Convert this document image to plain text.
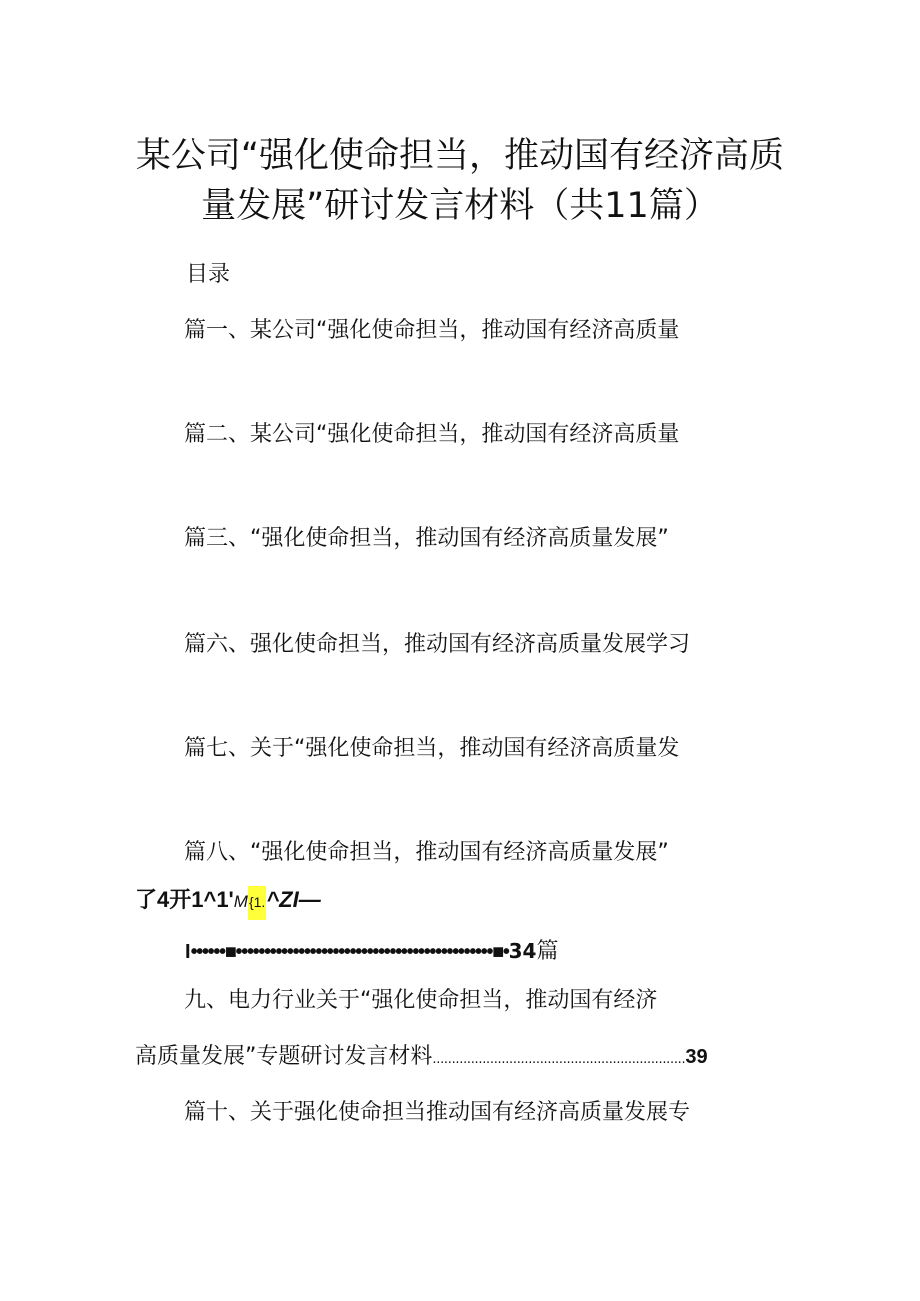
某公司“强化使命担当，推动国有经济高质
量发展”研讨发言材料（共11篇）
目录
篇一、某公司“强化使命担当，推动国有经济高质量
篇二、某公司“强化使命担当，推动国有经济高质量
篇三、“强化使命担当，推动国有经济高质量发展”
篇六、强化使命担当，推动国有经济高质量发展学习
篇七、关于“强化使命担当，推动国有经济高质量发
篇八、“强化使命担当，推动国有经济高质量发展”
了4开1^1'M{1.^ZI—
I••••••■•••••••••••••••••••••••••••••••••••••••••••••■•34篇
九、电力行业关于“强化使命担当，推动国有经济
高质量发展”专题研讨发言材料..................................................................39
篇十、关于强化使命担当推动国有经济高质量发展专
